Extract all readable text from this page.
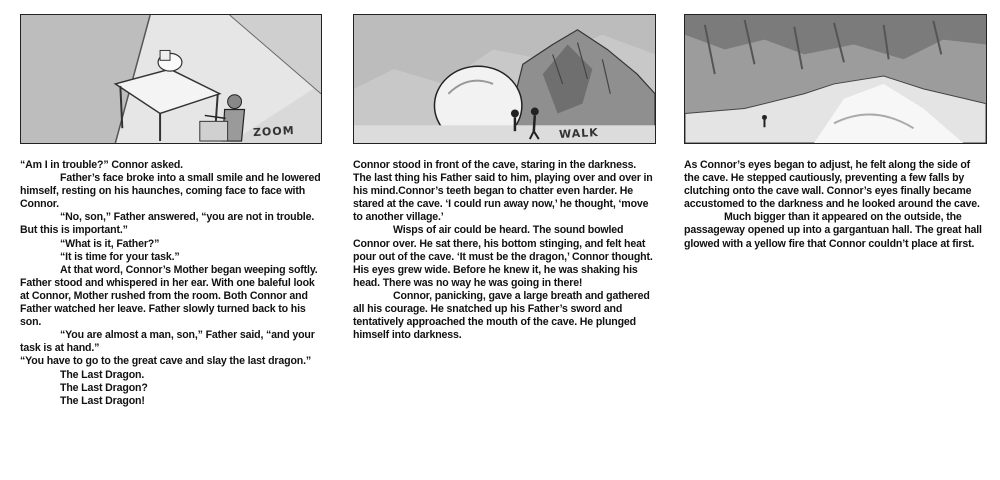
ZOOM

“Am I in trouble?” Connor asked.

Father’s face broke into a small smile and he lowered himself, resting on his haunches, coming face to face with Connor.

“No, son,” Father answered, “you are not in trouble. But this is important.”

“What is it, Father?”

“It is time for your task.”

At that word, Connor’s Mother began weeping softly. Father stood and whispered in her ear. With one baleful look at Connor, Mother rushed from the room. Both Connor and Father watched her leave. Father slowly turned back to his son.

“You are almost a man, son,” Father said, “and your task is at hand.”

“You have to go to the great cave and slay the last dragon.”

The Last Dragon.

The Last Dragon?

The Last Dragon!

WALK

Connor stood in front of the cave, staring in the darkness. The last thing his Father said to him, playing over and over in his mind.Connor’s teeth began to chatter even harder. He stared at the cave. ‘I could run away now,’ he thought, ‘move to another village.’

Wisps of air could be heard. The sound bowled Connor over. He sat there, his bottom stinging, and felt heat pour out of the cave. ‘It must be the dragon,’ Connor thought. His eyes grew wide. Before he knew it, he was shaking his head. There was no way he was going in there!

Connor, panicking, gave a large breath and gathered all his courage. He snatched up his Father’s sword and tentatively approached the mouth of the cave. He plunged himself into darkness.

As Connor’s eyes began to adjust, he felt along the side of the cave. He stepped cautiously, preventing a few falls by clutching onto the cave wall. Connor’s eyes finally became accustomed to the darkness and he looked around the cave.

Much bigger than it appeared on the outside, the passageway opened up into a gargantuan hall. The great hall glowed with a yellow fire that Connor couldn’t place at first.
